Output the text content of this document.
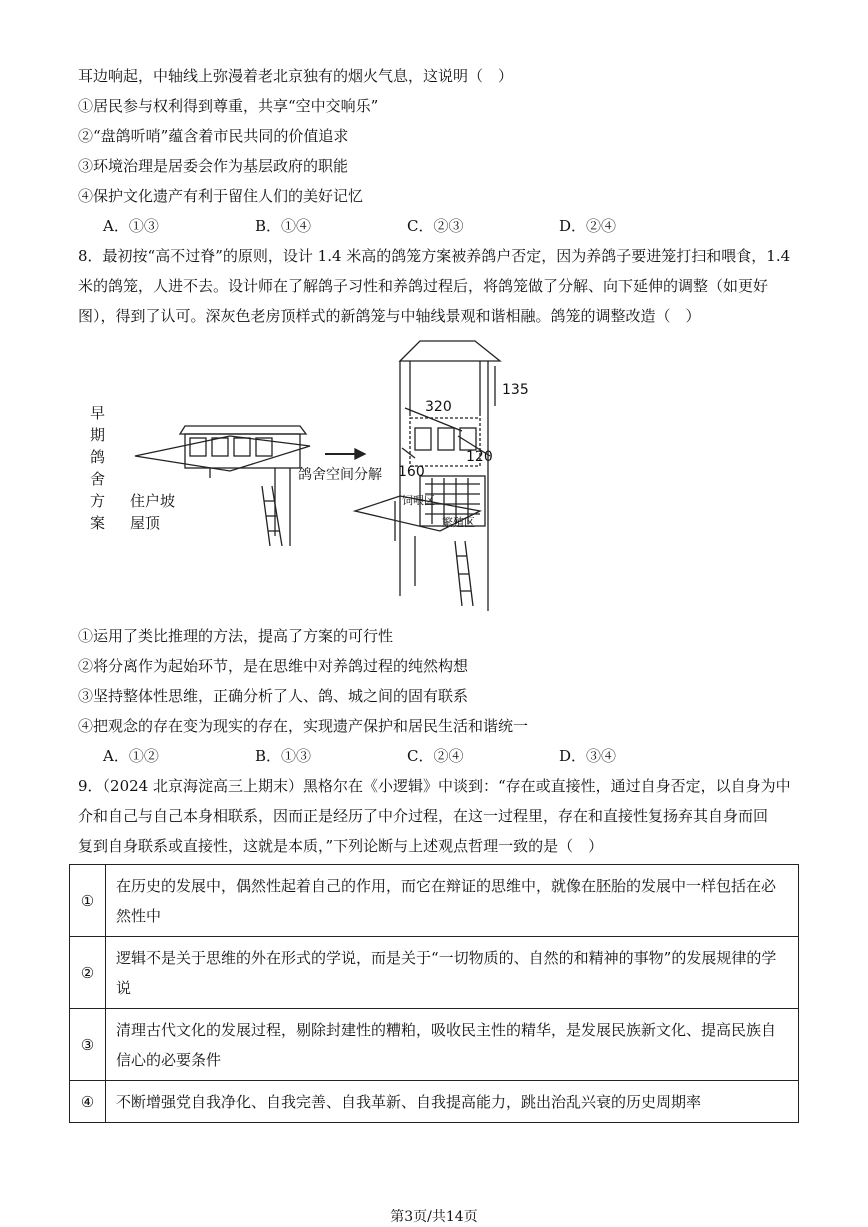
耳边响起，中轴线上弥漫着老北京独有的烟火气息，这说明（　）
①居民参与权利得到尊重，共享“空中交响乐”
②“盘鸽听哨”蕴含着市民共同的价值追求
③环境治理是居委会作为基层政府的职能
④保护文化遗产有利于留住人们的美好记忆
A．①③	B．①④	C．②③	D．②④
8．最初按“高不过脊”的原则，设计 1.4 米高的鸽笼方案被养鸽户否定，因为养鸽子要进笼打扫和喂食，1.4
米的鸽笼，人进不去。设计师在了解鸽子习性和养鸽过程后，将鸽笼做了分解、向下延伸的调整（如更好
图），得到了认可。深灰色老房顶样式的新鸽笼与中轴线景观和谐相融。鸽笼的调整改造（　）
早
期
鸽
舍
方
案
住户坡
屋顶
鸽舍空间分解
135
320
120
160
饲喂区
繁殖区
①运用了类比推理的方法，提高了方案的可行性
②将分离作为起始环节，是在思维中对养鸽过程的纯然构想
③坚持整体性思维，正确分析了人、鸽、城之间的固有联系
④把观念的存在变为现实的存在，实现遗产保护和居民生活和谐统一
A．①②	B．①③	C．②④	D．③④
9．（2024 北京海淀高三上期末）黑格尔在《小逻辑》中谈到：“存在或直接性，通过自身否定，以自身为中
介和自己与自己本身相联系，因而正是经历了中介过程，在这一过程里，存在和直接性复扬弃其自身而回
复到自身联系或直接性，这就是本质，”下列论断与上述观点哲理一致的是（　）
①	在历史的发展中，偶然性起着自己的作用，而它在辩证的思维中，就像在胚胎的发展中一样包括在必然性中
②	逻辑不是关于思维的外在形式的学说，而是关于“一切物质的、自然的和精神的事物”的发展规律的学说
③	清理古代文化的发展过程，剔除封建性的糟粕，吸收民主性的精华，是发展民族新文化、提高民族自信心的必要条件
④	不断增强党自我净化、自我完善、自我革新、自我提高能力，跳出治乱兴衰的历史周期率
第3页/共14页
